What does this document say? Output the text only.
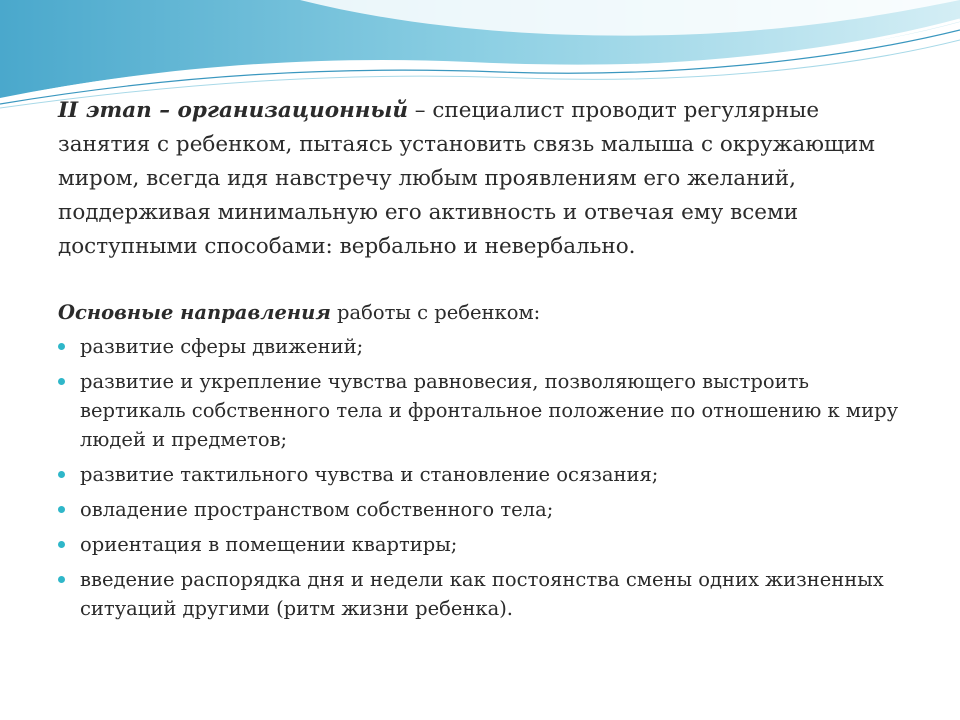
II этап – организационный – специалист проводит регулярные занятия с ребенком, пытаясь установить связь малыша с окружающим миром, всегда идя навстречу любым проявлениям его желаний, поддерживая минимальную его активность и отвечая ему всеми доступными способами: вербально и невербально.

Основные направления работы с ребенком:

развитие сферы движений;
развитие и укрепление чувства равновесия, позволяющего выстроить вертикаль собственного тела и фронтальное положение по отношению к миру людей и предметов;
развитие тактильного чувства и становление осязания;
овладение пространством собственного тела;
ориентация в помещении квартиры;
введение распорядка дня и недели как постоянства смены одних жизненных ситуаций другими (ритм жизни ребенка).
